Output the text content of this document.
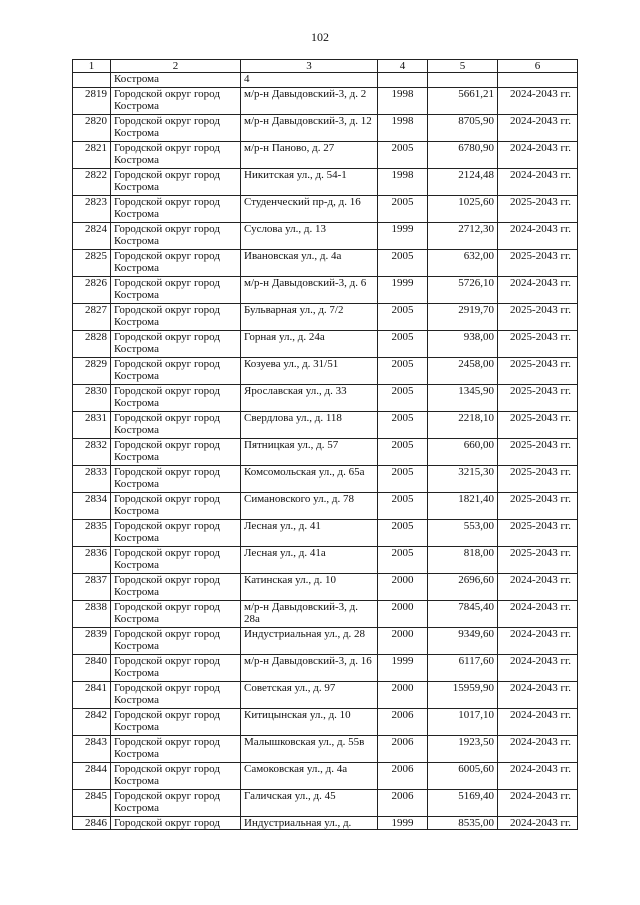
102
1	2	3	4	5	6
	Кострома	4			
2819	Городской округ город Кострома	м/р-н Давыдовский-3, д. 2	1998	5661,21	2024-2043 гг.
2820	Городской округ город Кострома	м/р-н Давыдовский-3, д. 12	1998	8705,90	2024-2043 гг.
2821	Городской округ город Кострома	м/р-н Паново, д. 27	2005	6780,90	2024-2043 гг.
2822	Городской округ город Кострома	Никитская ул., д. 54-1	1998	2124,48	2024-2043 гг.
2823	Городской округ город Кострома	Студенческий пр-д, д. 16	2005	1025,60	2025-2043 гг.
2824	Городской округ город Кострома	Суслова ул., д. 13	1999	2712,30	2024-2043 гг.
2825	Городской округ город Кострома	Ивановская ул., д. 4а	2005	632,00	2025-2043 гг.
2826	Городской округ город Кострома	м/р-н Давыдовский-3, д. 6	1999	5726,10	2024-2043 гг.
2827	Городской округ город Кострома	Бульварная ул., д. 7/2	2005	2919,70	2025-2043 гг.
2828	Городской округ город Кострома	Горная ул., д. 24а	2005	938,00	2025-2043 гг.
2829	Городской округ город Кострома	Козуева ул., д. 31/51	2005	2458,00	2025-2043 гг.
2830	Городской округ город Кострома	Ярославская ул., д. 33	2005	1345,90	2025-2043 гг.
2831	Городской округ город Кострома	Свердлова ул., д. 118	2005	2218,10	2025-2043 гг.
2832	Городской округ город Кострома	Пятницкая ул., д. 57	2005	660,00	2025-2043 гг.
2833	Городской округ город Кострома	Комсомольская ул., д. 65а	2005	3215,30	2025-2043 гг.
2834	Городской округ город Кострома	Симановского ул., д. 78	2005	1821,40	2025-2043 гг.
2835	Городской округ город Кострома	Лесная ул., д. 41	2005	553,00	2025-2043 гг.
2836	Городской округ город Кострома	Лесная ул., д. 41а	2005	818,00	2025-2043 гг.
2837	Городской округ город Кострома	Катинская ул., д. 10	2000	2696,60	2024-2043 гг.
2838	Городской округ город Кострома	м/р-н Давыдовский-3, д. 28а	2000	7845,40	2024-2043 гг.
2839	Городской округ город Кострома	Индустриальная ул., д. 28	2000	9349,60	2024-2043 гг.
2840	Городской округ город Кострома	м/р-н Давыдовский-3, д. 16	1999	6117,60	2024-2043 гг.
2841	Городской округ город Кострома	Советская ул., д. 97	2000	15959,90	2024-2043 гг.
2842	Городской округ город Кострома	Китицынская ул., д. 10	2006	1017,10	2024-2043 гг.
2843	Городской округ город Кострома	Малышковская ул., д. 55в	2006	1923,50	2024-2043 гг.
2844	Городской округ город Кострома	Самоковская ул., д. 4а	2006	6005,60	2024-2043 гг.
2845	Городской округ город Кострома	Галичская ул., д. 45	2006	5169,40	2024-2043 гг.
2846	Городской округ город	Индустриальная ул., д.	1999	8535,00	2024-2043 гг.
